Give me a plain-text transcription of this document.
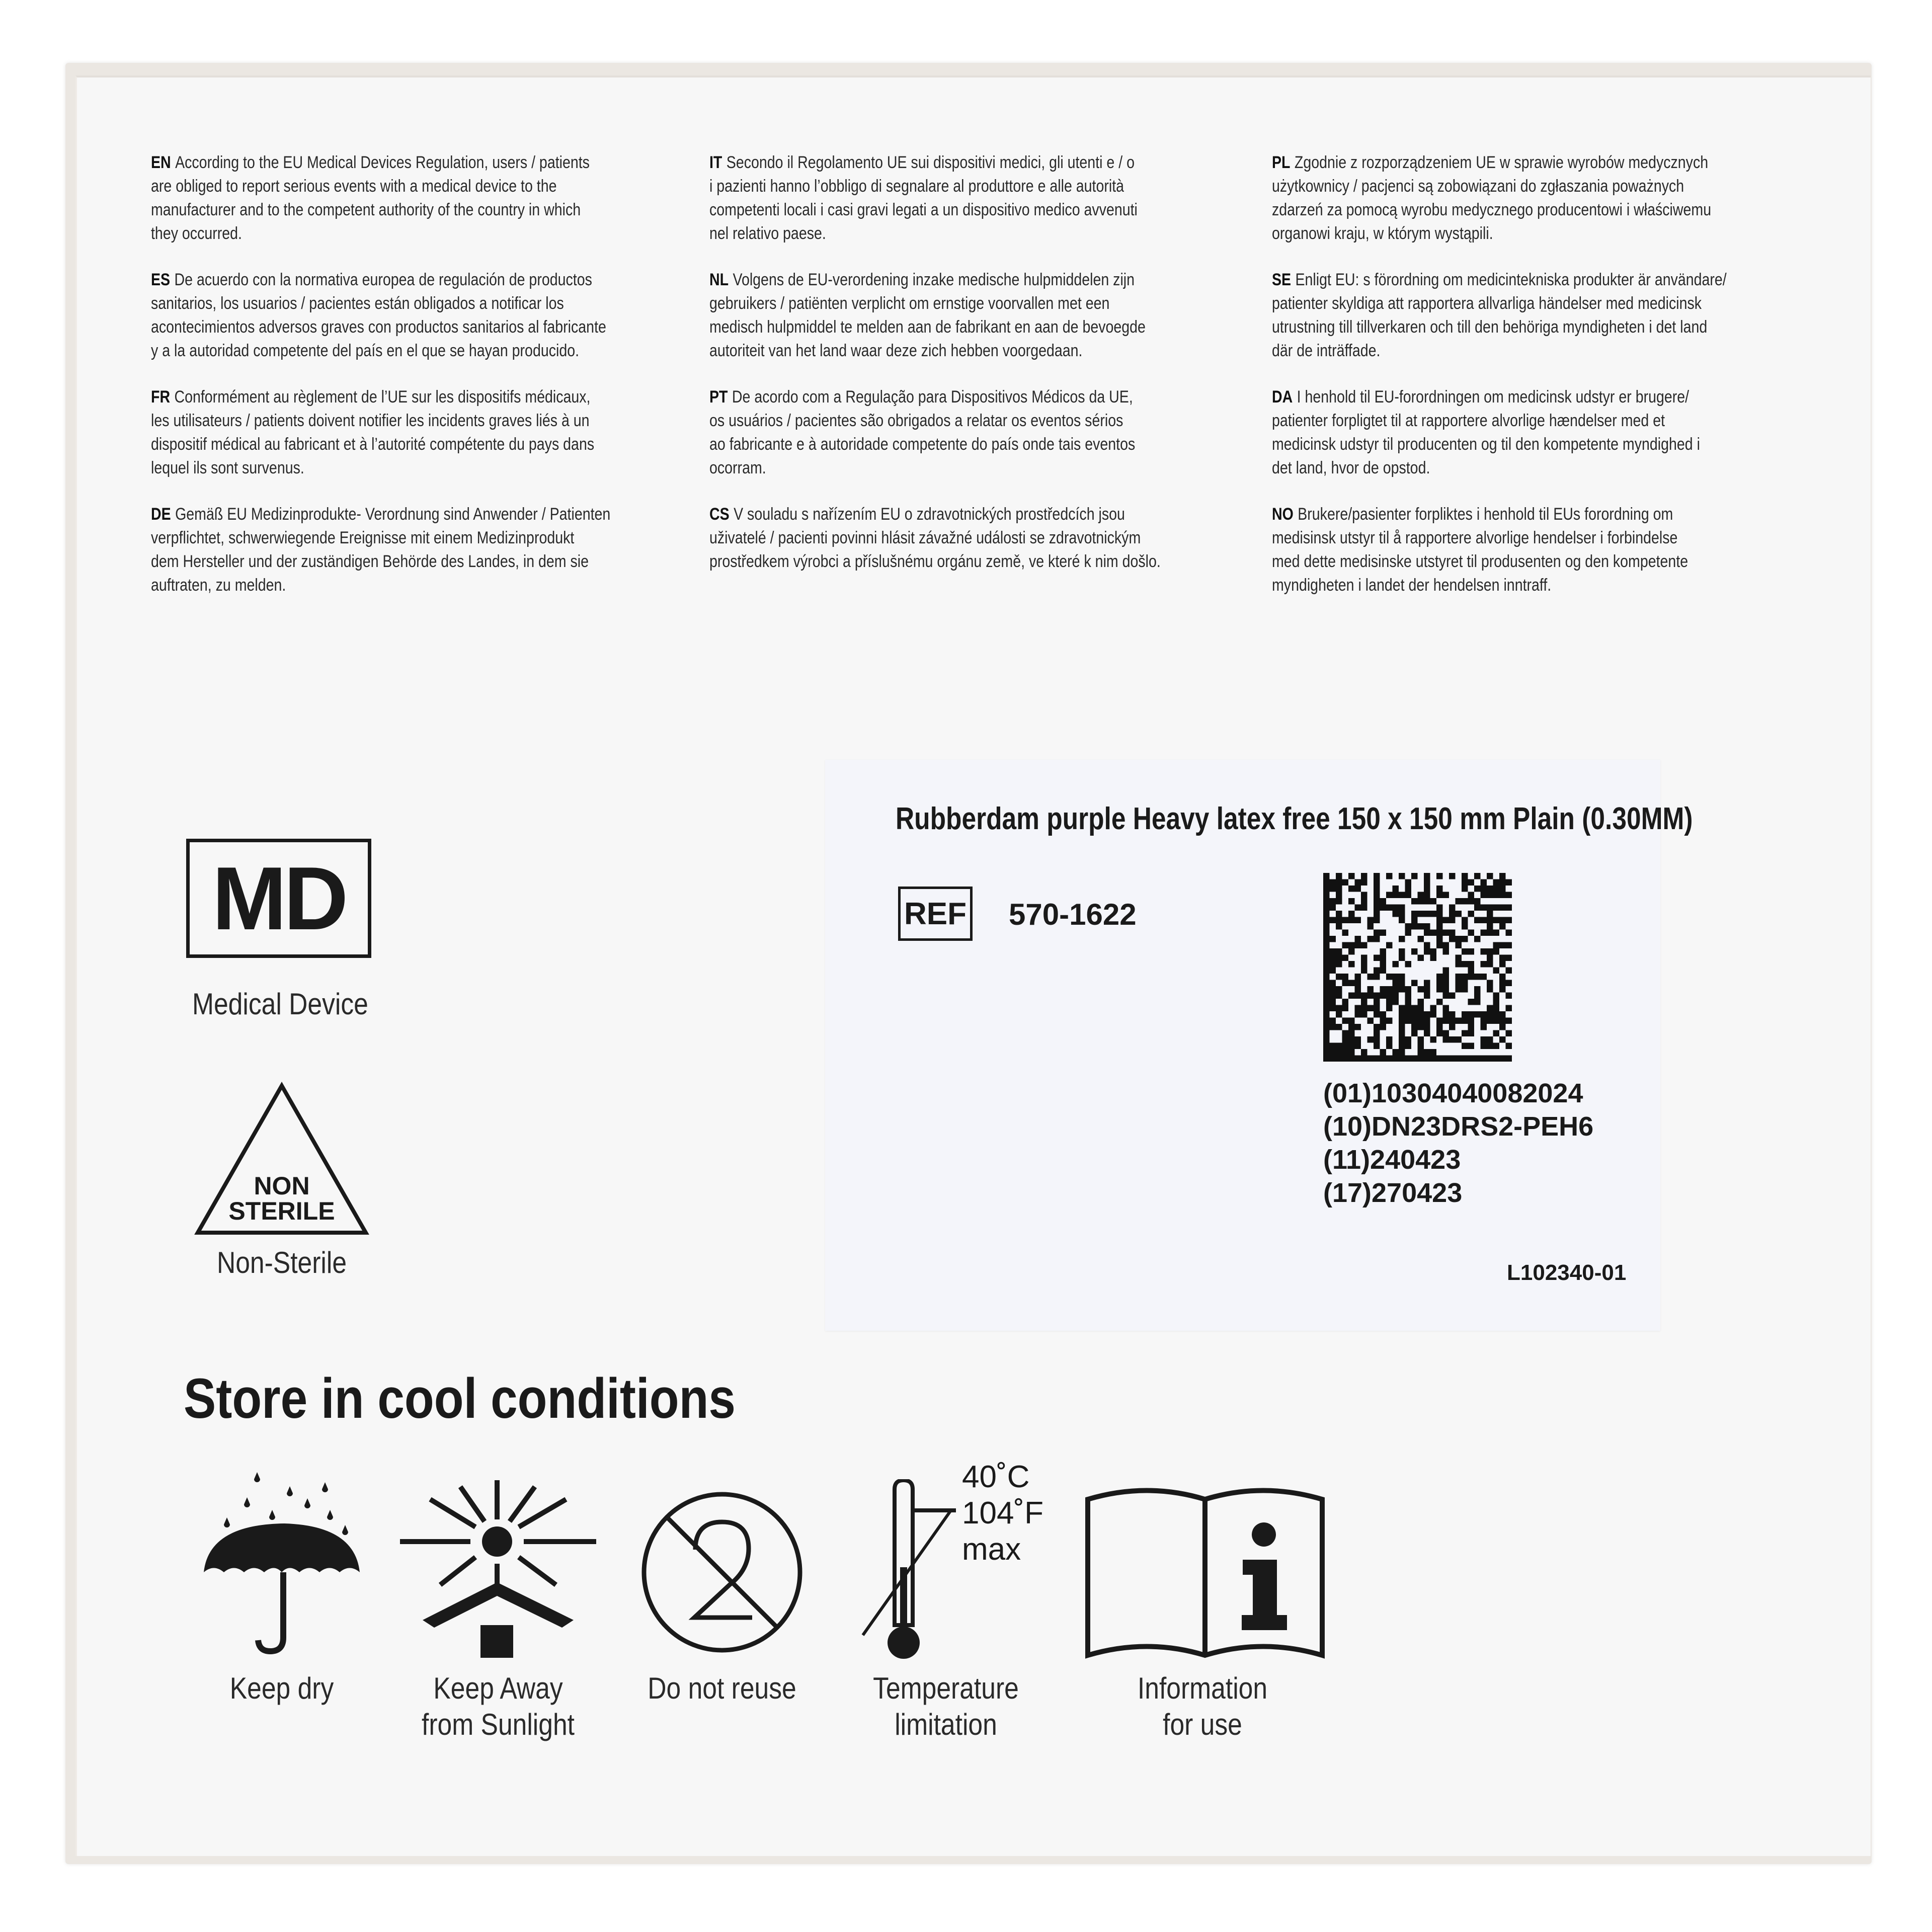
EN According to the EU Medical Devices Regulation, users / patients
are obliged to report serious events with a medical device to the
manufacturer and to the competent authority of the country in which
they occurred.
ES De acuerdo con la normativa europea de regulación de productos
sanitarios, los usuarios / pacientes están obligados a notificar los
acontecimientos adversos graves con productos sanitarios al fabricante
y a la autoridad competente del país en el que se hayan producido.
FR Conformément au règlement de l’UE sur les dispositifs médicaux,
les utilisateurs / patients doivent notifier les incidents graves liés à un
dispositif médical au fabricant et à l’autorité compétente du pays dans
lequel ils sont survenus.
DE Gemäß EU Medizinprodukte- Verordnung sind Anwender / Patienten
verpflichtet, schwerwiegende Ereignisse mit einem Medizinprodukt
dem Hersteller und der zuständigen Behörde des Landes, in dem sie
auftraten, zu melden.
IT Secondo il Regolamento UE sui dispositivi medici, gli utenti e / o
i pazienti hanno l’obbligo di segnalare al produttore e alle autorità
competenti locali i casi gravi legati a un dispositivo medico avvenuti
nel relativo paese.
NL Volgens de EU-verordening inzake medische hulpmiddelen zijn
gebruikers / patiënten verplicht om ernstige voorvallen met een
medisch hulpmiddel te melden aan de fabrikant en aan de bevoegde
autoriteit van het land waar deze zich hebben voorgedaan.
PT De acordo com a Regulação para Dispositivos Médicos da UE,
os usuários / pacientes são obrigados a relatar os eventos sérios
ao fabricante e à autoridade competente do país onde tais eventos
ocorram.
CS V souladu s nařízením EU o zdravotnických prostředcích jsou
uživatelé / pacienti povinni hlásit závažné události se zdravotnickým
prostředkem výrobci a příslušnému orgánu země, ve které k nim došlo.
PL Zgodnie z rozporządzeniem UE w sprawie wyrobów medycznych
użytkownicy / pacjenci są zobowiązani do zgłaszania poważnych
zdarzeń za pomocą wyrobu medycznego producentowi i właściwemu
organowi kraju, w którym wystąpili.
SE Enligt EU: s förordning om medicintekniska produkter är användare/
patienter skyldiga att rapportera allvarliga händelser med medicinsk
utrustning till tillverkaren och till den behöriga myndigheten i det land
där de inträffade.
DA I henhold til EU-forordningen om medicinsk udstyr er brugere/
patienter forpligtet til at rapportere alvorlige hændelser med et
medicinsk udstyr til producenten og til den kompetente myndighed i
det land, hvor de opstod.
NO Brukere/pasienter forpliktes i henhold til EUs forordning om
medisinsk utstyr til å rapportere alvorlige hendelser i forbindelse
med dette medisinske utstyret til produsenten og den kompetente
myndigheten i landet der hendelsen inntraff.
MD
Medical Device
NON
STERILE
Non-Sterile
Rubberdam purple Heavy latex free 150 x 150 mm Plain (0.30MM)
REF 570-1622
(01)10304040082024
(10)DN23DRS2-PEH6
(11)240423
(17)270423
L102340-01
Store in cool conditions
Keep dry	Keep Away
from Sunlight
Do not reuse
40˚C
104˚F
max
Temperature
limitation
Information
for use
